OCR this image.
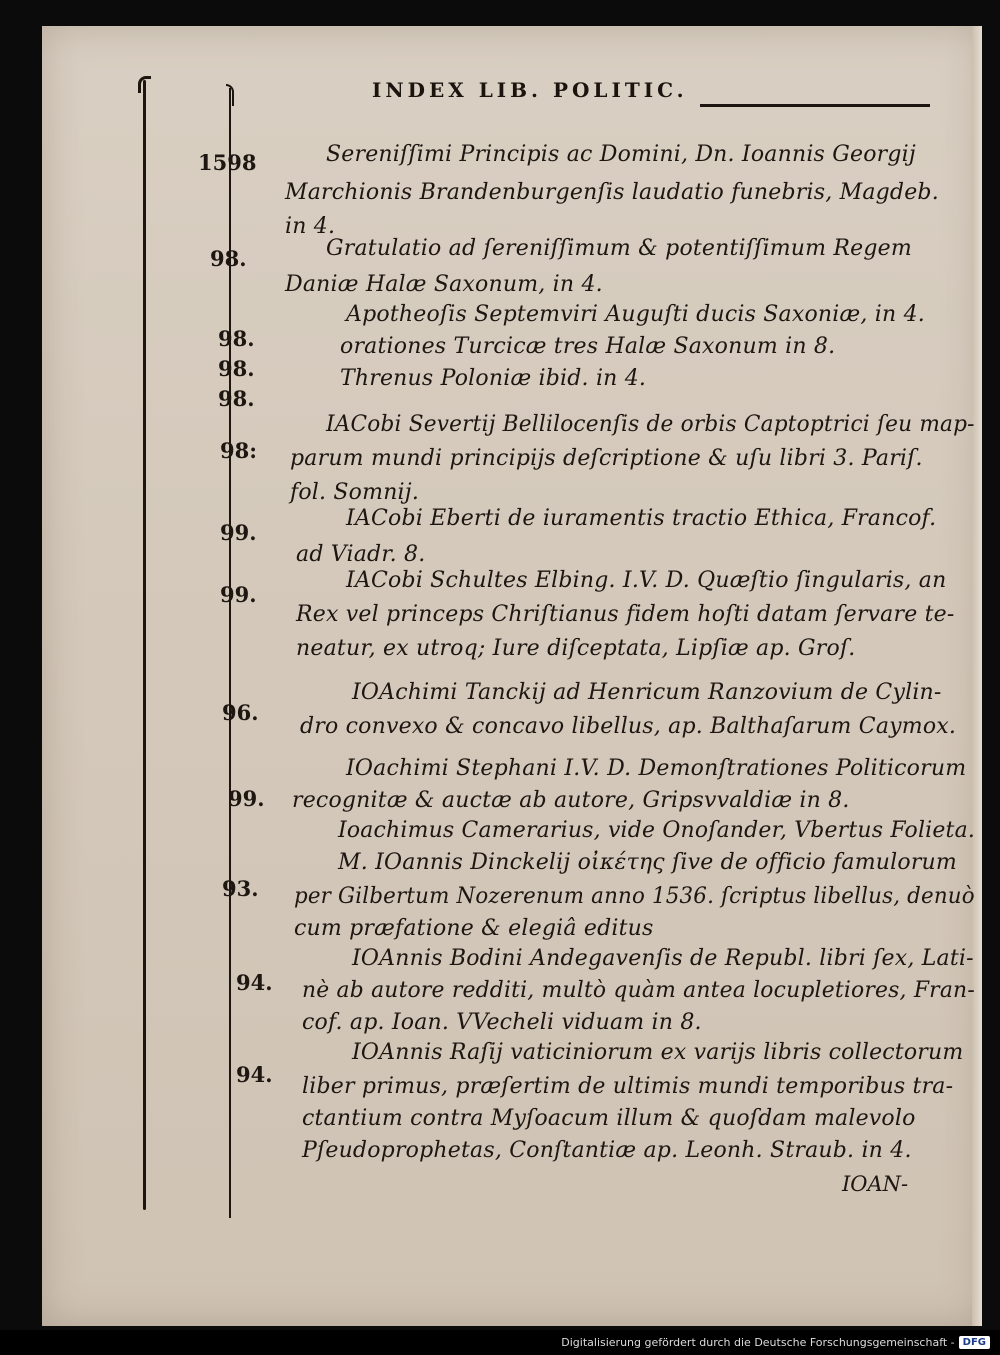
INDEX LIB. POLITIC.
1598
98.
98.
98.
98.
98:
99.
99.
96.
99.
93.
94.
94.
Sereniſſimi Principis ac Domini, Dn. Ioannis Georgij
Marchionis Brandenburgenſis laudatio funebris, Magdeb.
in 4.
Gratulatio ad ſereniſſimum & potentiſſimum Regem
Daniæ Halæ Saxonum, in 4.
Apotheoſis Septemviri Auguſti ducis Saxoniæ, in 4.
orationes Turcicæ tres Halæ Saxonum in 8.
Threnus Poloniæ ibid. in 4.
IACobi Severtij Bellilocenſis de orbis Captoptrici ſeu map-
parum mundi principijs deſcriptione & uſu libri 3. Pariſ.
fol. Somnij.
IACobi Eberti de iuramentis tractio Ethica, Francof.
ad Viadr. 8.
IACobi Schultes Elbing. I.V. D. Quæſtio ſingularis, an
Rex vel princeps Chriſtianus fidem hoſti datam ſervare te-
neatur, ex utroq; Iure diſceptata, Lipſiæ ap. Groſ.
IOAchimi Tanckij ad Henricum Ranzovium de Cylin-
dro convexo & concavo libellus, ap. Balthaſarum Caymox.
IOachimi Stephani I.V. D. Demonſtrationes Politicorum
recognitæ & auctæ ab autore, Gripsvvaldiæ in 8.
Ioachimus Camerarius, vide Onoſander, Vbertus Folieta.
M. IOannis Dinckelij οἰκέτης ſive de officio famulorum
per Gilbertum Nozerenum anno 1536. ſcriptus libellus, denuò
cum præfatione & elegiâ editus
IOAnnis Bodini Andegavenſis de Republ. libri ſex, Lati-
nè ab autore redditi, multò quàm antea locupletiores, Fran-
cof. ap. Ioan. VVecheli viduam in 8.
IOAnnis Raſij vaticiniorum ex varijs libris collectorum
liber primus, præſertim de ultimis mundi temporibus tra-
ctantium contra Myſoacum illum & quoſdam malevolo
Pſeudoprophetas, Conſtantiæ ap. Leonh. Straub. in 4.
IOAN-
Digitalisierung gefördert durch die Deutsche Forschungsgemeinschaft - DFG
